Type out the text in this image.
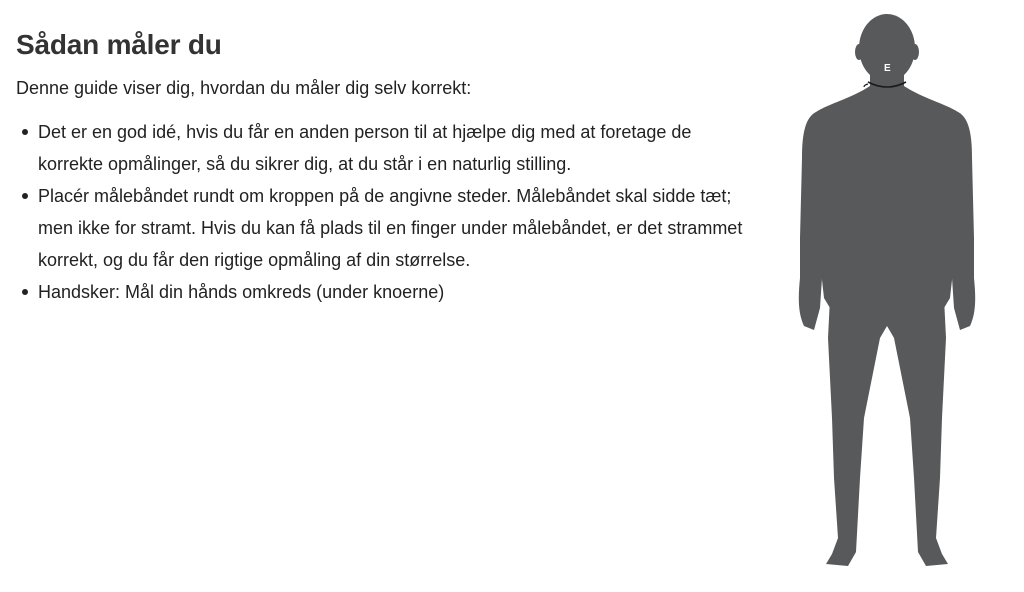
Sådan måler du

Denne guide viser dig, hvordan du måler dig selv korrekt:

Det er en god idé, hvis du får en anden person til at hjælpe dig med at foretage de korrekte opmålinger, så du sikrer dig, at du står i en naturlig stilling.
Placér målebåndet rundt om kroppen på de angivne steder. Målebåndet skal sidde tæt; men ikke for stramt. Hvis du kan få plads til en finger under målebåndet, er det strammet korrekt, og du får den rigtige opmåling af din størrelse.
Handsker: Mål din hånds omkreds (under knoerne)
E
